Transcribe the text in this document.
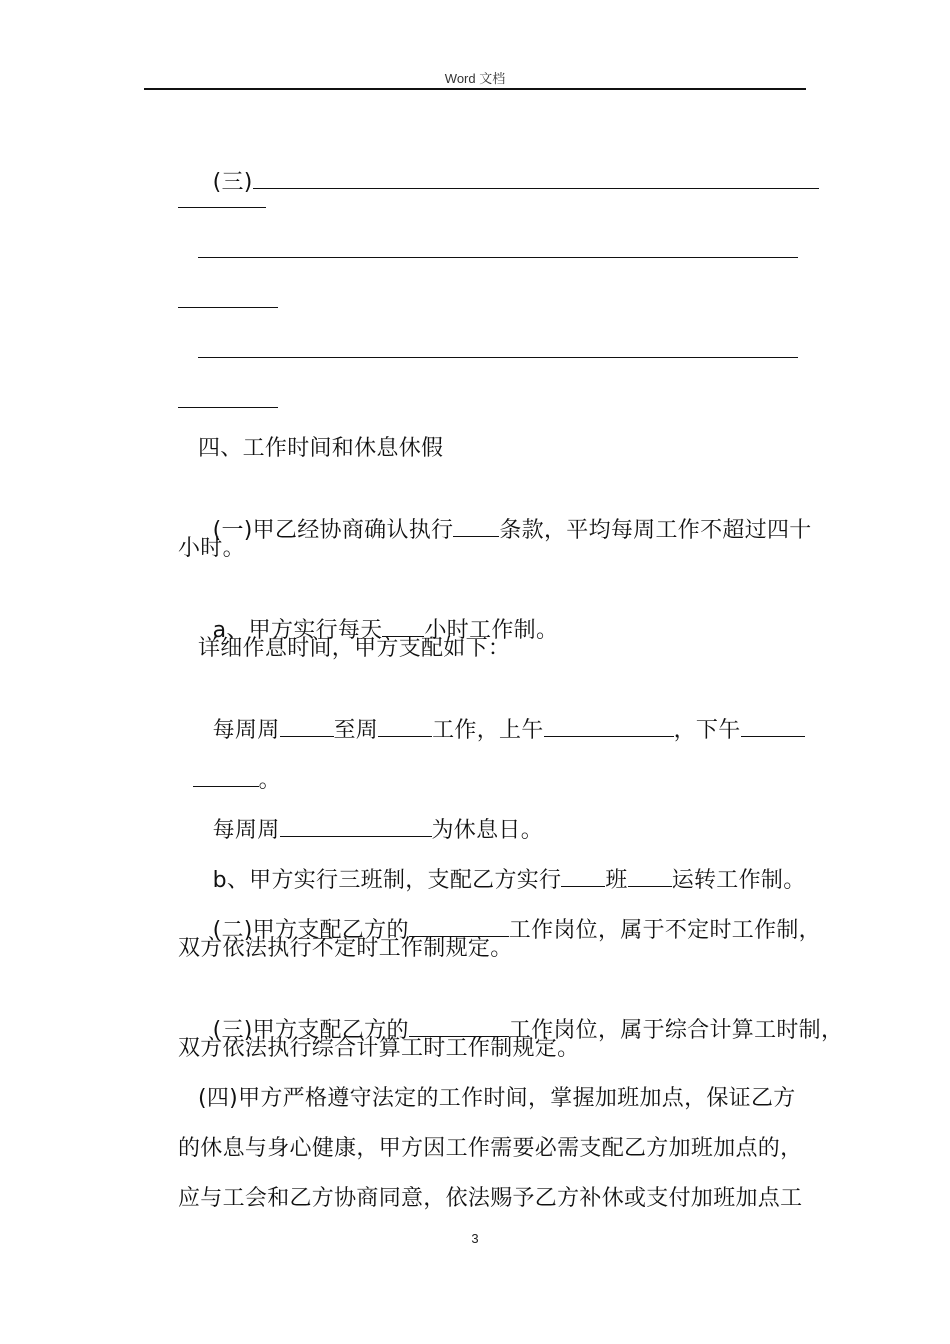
Word 文档

(三)

四、工作时间和休息休假

(一)甲乙经协商确认执行 条款，平均每周工作不超过四十

小时。

a、甲方实行每天 小时工作制。

详细作息时间，甲方支配如下：

每周周 至周 工作，上午	，下午

。

每周周	为休息日。

b、甲方实行三班制，支配乙方实行 班 运转工作制。

(二)甲方支配乙方的	工作岗位，属于不定时工作制，

双方依法执行不定时工作制规定。

(三)甲方支配乙方的	工作岗位，属于综合计算工时制，

双方依法执行综合计算工时工作制规定。
(四)甲方严格遵守法定的工作时间，掌握加班加点，保证乙方
的休息与身心健康，甲方因工作需要必需支配乙方加班加点的，
应与工会和乙方协商同意，依法赐予乙方补休或支付加班加点工
3
